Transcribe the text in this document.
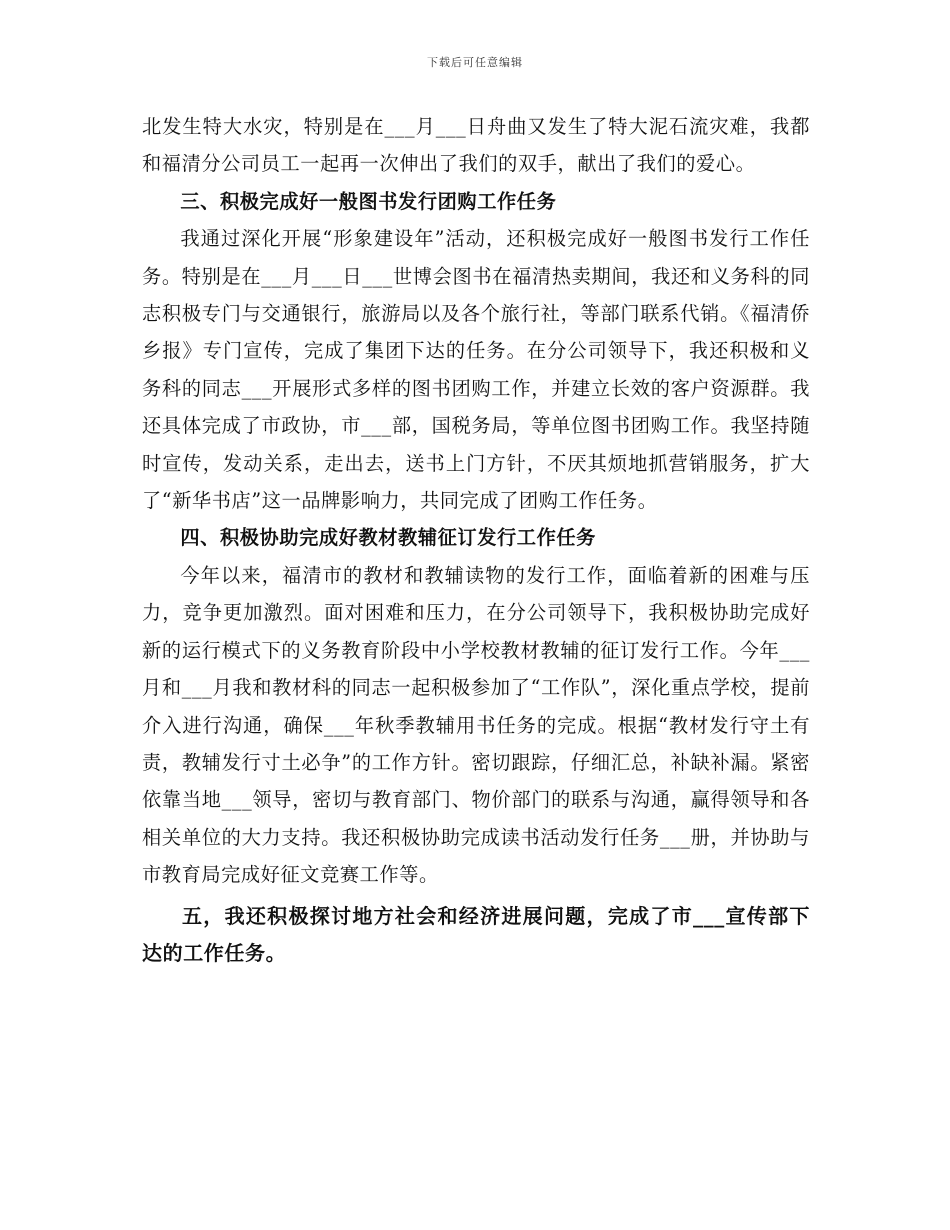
下载后可任意编辑

北发生特大水灾，特别是在___月___日舟曲又发生了特大泥石流灾难，我都和福清分公司员工一起再一次伸出了我们的双手，献出了我们的爱心。

三、积极完成好一般图书发行团购工作任务

我通过深化开展“形象建设年”活动，还积极完成好一般图书发行工作任务。特别是在___月___日___世博会图书在福清热卖期间，我还和义务科的同志积极专门与交通银行，旅游局以及各个旅行社，等部门联系代销。《福清侨乡报》专门宣传，完成了集团下达的任务。在分公司领导下，我还积极和义务科的同志___开展形式多样的图书团购工作，并建立长效的客户资源群。我还具体完成了市政协，市___部，国税务局，等单位图书团购工作。我坚持随时宣传，发动关系，走出去，送书上门方针，不厌其烦地抓营销服务，扩大了“新华书店”这一品牌影响力，共同完成了团购工作任务。

四、积极协助完成好教材教辅征订发行工作任务

今年以来，福清市的教材和教辅读物的发行工作，面临着新的困难与压力，竞争更加激烈。面对困难和压力，在分公司领导下，我积极协助完成好新的运行模式下的义务教育阶段中小学校教材教辅的征订发行工作。今年___月和___月我和教材科的同志一起积极参加了“工作队”，深化重点学校，提前介入进行沟通，确保___年秋季教辅用书任务的完成。根据“教材发行守土有责，教辅发行寸土必争”的工作方针。密切跟踪，仔细汇总，补缺补漏。紧密依靠当地___领导，密切与教育部门、物价部门的联系与沟通，赢得领导和各相关单位的大力支持。我还积极协助完成读书活动发行任务___册，并协助与市教育局完成好征文竞赛工作等。

五，我还积极探讨地方社会和经济进展问题，完成了市___宣传部下达的工作任务。
